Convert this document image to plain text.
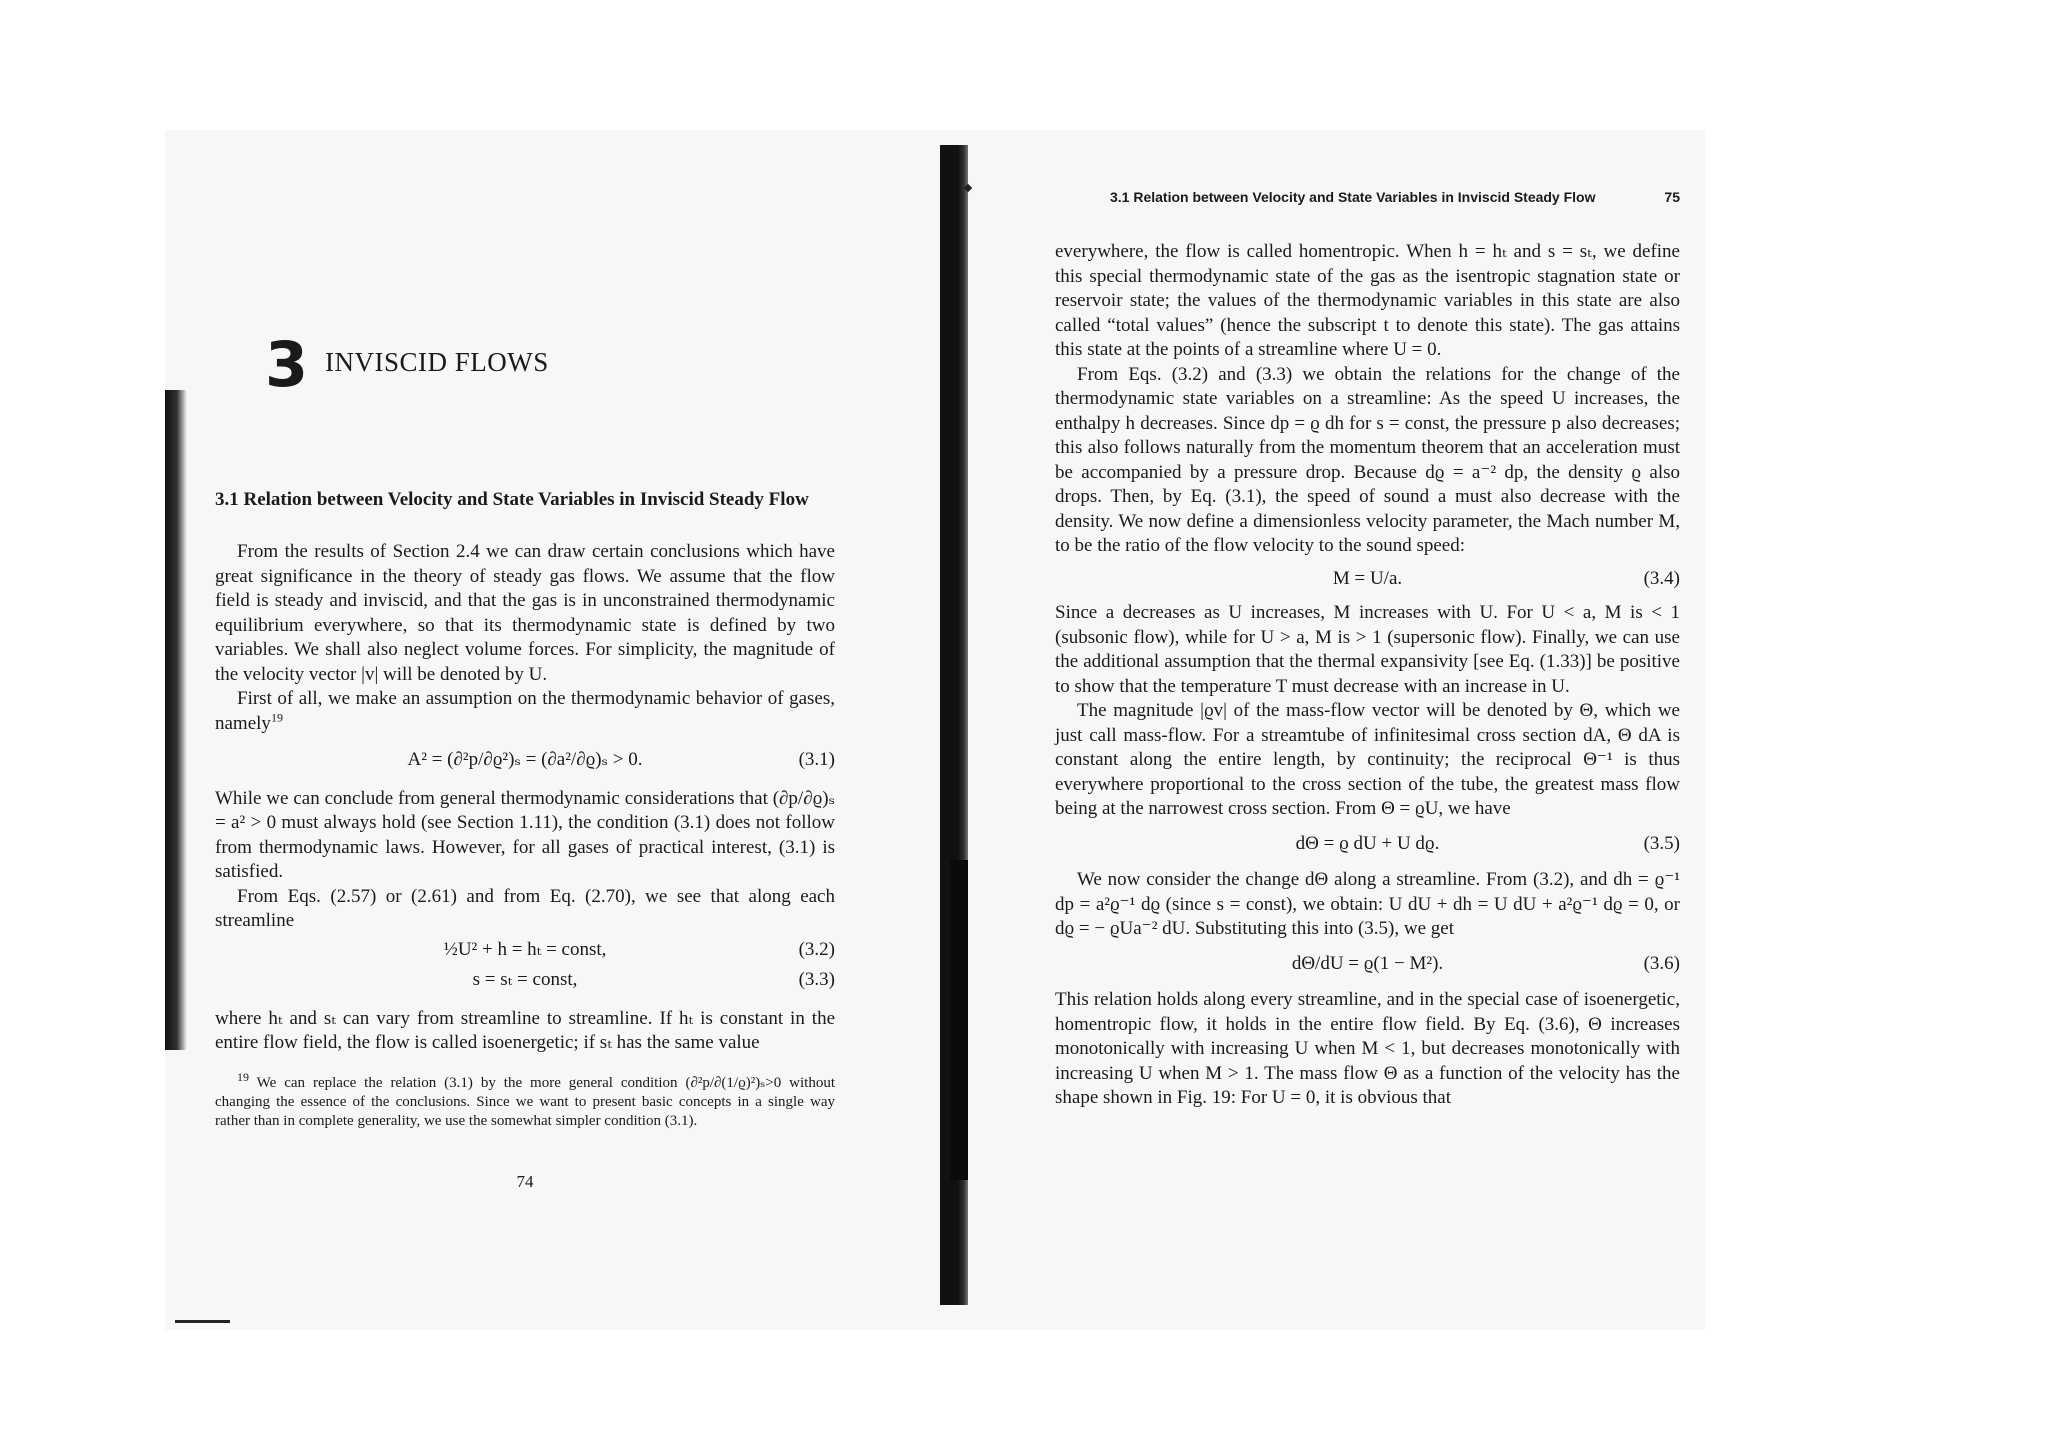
3 INVISCID FLOWS
3.1 Relation between Velocity and State Variables in Inviscid Steady Flow

From the results of Section 2.4 we can draw certain conclusions which have great significance in the theory of steady gas flows. We assume that the flow field is steady and inviscid, and that the gas is in unconstrained thermodynamic equilibrium everywhere, so that its thermodynamic state is defined by two variables. We shall also neglect volume forces. For simplicity, the magnitude of the velocity vector |v| will be denoted by U.

First of all, we make an assumption on the thermodynamic behavior of gases, namely$^{19}$

A² = (∂²p/∂ϱ²)ₛ = (∂a²/∂ϱ)ₛ > 0.	(3.1)

While we can conclude from general thermodynamic considerations that (∂p/∂ϱ)ₛ = a² > 0 must always hold (see Section 1.11), the condition (3.1) does not follow from thermodynamic laws. However, for all gases of practical interest, (3.1) is satisfied.

From Eqs. (2.57) or (2.61) and from Eq. (2.70), we see that along each streamline

½U² + h = hₜ = const,	(3.2)
s = sₜ = const,	(3.3)

where hₜ and sₜ can vary from streamline to streamline. If hₜ is constant in the entire flow field, the flow is called isoenergetic; if sₜ has the same value

$^{19}$ We can replace the relation (3.1) by the more general condition (∂²p/∂(1/ϱ)²)ₛ>0 without changing the essence of the conclusions. Since we want to present basic concepts in a single way rather than in complete generality, we use the somewhat simpler condition (3.1).

74
3.1 Relation between Velocity and State Variables in Inviscid Steady Flow	75

everywhere, the flow is called homentropic. When h = hₜ and s = sₜ, we define this special thermodynamic state of the gas as the isentropic stagnation state or reservoir state; the values of the thermodynamic variables in this state are also called “total values” (hence the subscript t to denote this state). The gas attains this state at the points of a streamline where U = 0.

From Eqs. (3.2) and (3.3) we obtain the relations for the change of the thermodynamic state variables on a streamline: As the speed U increases, the enthalpy h decreases. Since dp = ϱ dh for s = const, the pressure p also decreases; this also follows naturally from the momentum theorem that an acceleration must be accompanied by a pressure drop. Because dϱ = a⁻² dp, the density ϱ also drops. Then, by Eq. (3.1), the speed of sound a must also decrease with the density. We now define a dimensionless velocity parameter, the Mach number M, to be the ratio of the flow velocity to the sound speed:

M = U/a.	(3.4)

Since a decreases as U increases, M increases with U. For U < a, M is < 1 (subsonic flow), while for U > a, M is > 1 (supersonic flow). Finally, we can use the additional assumption that the thermal expansivity [see Eq. (1.33)] be positive to show that the temperature T must decrease with an increase in U.

The magnitude |ϱv| of the mass-flow vector will be denoted by Θ, which we just call mass-flow. For a streamtube of infinitesimal cross section dA, Θ dA is constant along the entire length, by continuity; the reciprocal Θ⁻¹ is thus everywhere proportional to the cross section of the tube, the greatest mass flow being at the narrowest cross section. From Θ = ϱU, we have

dΘ = ϱ dU + U dϱ.	(3.5)

We now consider the change dΘ along a streamline. From (3.2), and dh = ϱ⁻¹ dp = a²ϱ⁻¹ dϱ (since s = const), we obtain: U dU + dh = U dU + a²ϱ⁻¹ dϱ = 0, or dϱ = − ϱUa⁻² dU. Substituting this into (3.5), we get

dΘ/dU = ϱ(1 − M²).	(3.6)

This relation holds along every streamline, and in the special case of isoenergetic, homentropic flow, it holds in the entire flow field. By Eq. (3.6), Θ increases monotonically with increasing U when M < 1, but decreases monotonically with increasing U when M > 1. The mass flow Θ as a function of the velocity has the shape shown in Fig. 19: For U = 0, it is obvious that
